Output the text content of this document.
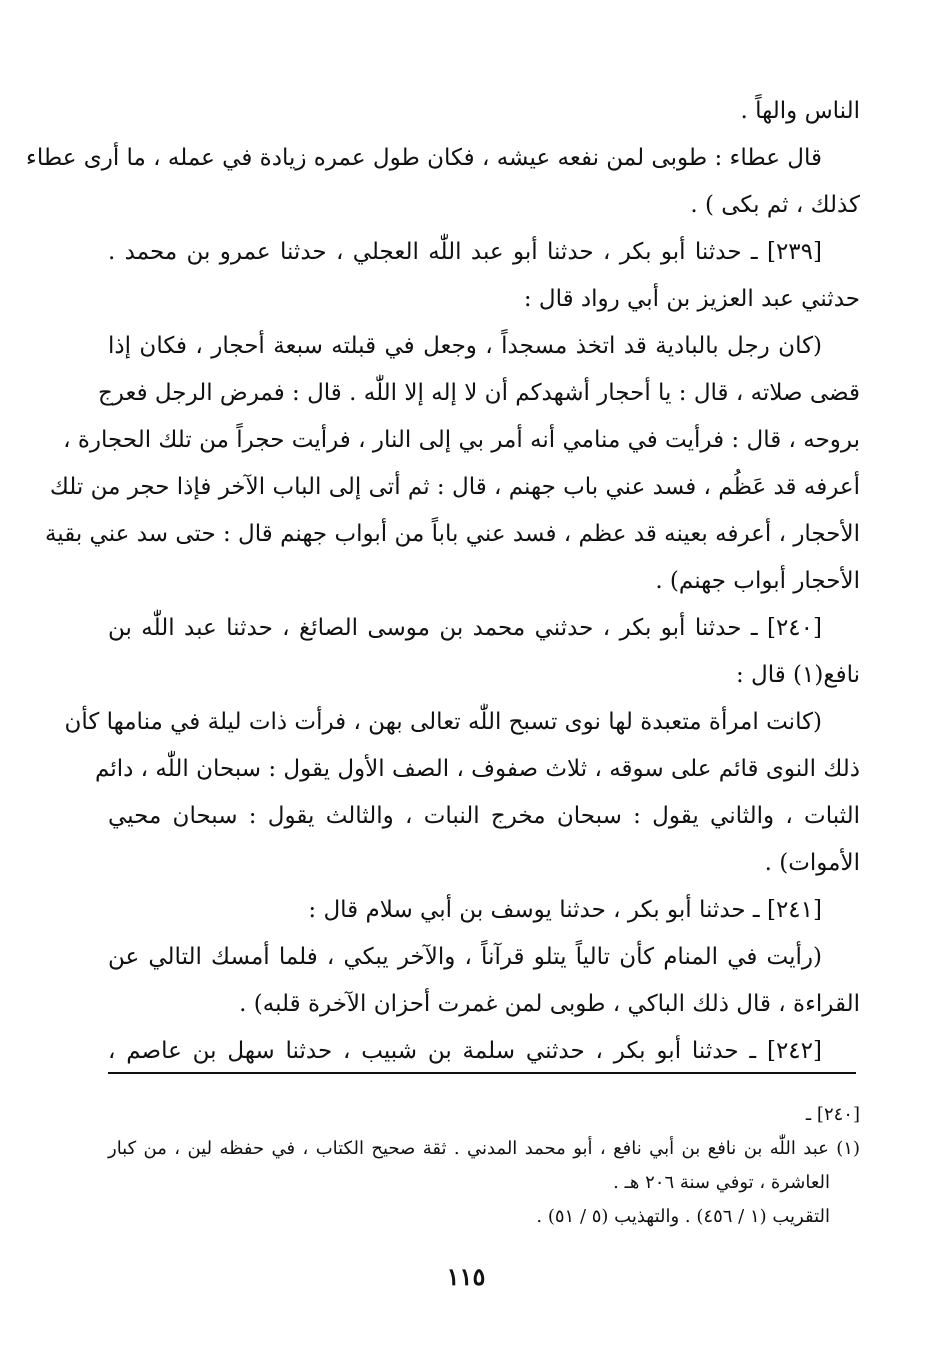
الناس والهاً .
قال عطاء : طوبى لمن نفعه عيشه ، فكان طول عمره زيادة في عمله ، ما أرى عطاء
كذلك ، ثم بكى ) .
[٢٣٩] ـ حدثنا أبو بكر ، حدثنا أبو عبد اللّٰه العجلي ، حدثنا عمرو بن محمد .
حدثني عبد العزيز بن أبي رواد قال :
(كان رجل بالبادية قد اتخذ مسجداً ، وجعل في قبلته سبعة أحجار ، فكان إذا
قضى صلاته ، قال : يا أحجار أشهدكم أن لا إله إلا اللّٰه . قال : فمرض الرجل فعرج
بروحه ، قال : فرأيت في منامي أنه أمر بي إلى النار ، فرأيت حجراً من تلك الحجارة ،
أعرفه قد عَظُم ، فسد عني باب جهنم ، قال : ثم أتى إلى الباب الآخر فإذا حجر من تلك
الأحجار ، أعرفه بعينه قد عظم ، فسد عني باباً من أبواب جهنم قال : حتى سد عني بقية
الأحجار أبواب جهنم) .
[٢٤٠] ـ حدثنا أبو بكر ، حدثني محمد بن موسى الصائغ ، حدثنا عبد اللّٰه بن
نافع(١) قال :
(كانت امرأة متعبدة لها نوى تسبح اللّٰه تعالى بهن ، فرأت ذات ليلة في منامها كأن
ذلك النوى قائم على سوقه ، ثلاث صفوف ، الصف الأول يقول : سبحان اللّٰه ، دائم
الثبات ، والثاني يقول : سبحان مخرج النبات ، والثالث يقول : سبحان محيي
الأموات) .
[٢٤١] ـ حدثنا أبو بكر ، حدثنا يوسف بن أبي سلام قال :
(رأيت في المنام كأن تالياً يتلو قرآناً ، والآخر يبكي ، فلما أمسك التالي عن
القراءة ، قال ذلك الباكي ، طوبى لمن غمرت أحزان الآخرة قلبه) .
[٢٤٢] ـ حدثنا أبو بكر ، حدثني سلمة بن شبيب ، حدثنا سهل بن عاصم ،
[٢٤٠] ـ
(١) عبد اللّٰه بن نافع بن أبي نافع ، أبو محمد المدني . ثقة صحيح الكتاب ، في حفظه لين ، من كبار
العاشرة ، توفي سنة ٢٠٦ هـ .
التقريب (١ / ٤٥٦) . والتهذيب (٥ / ٥١) .
١١٥
